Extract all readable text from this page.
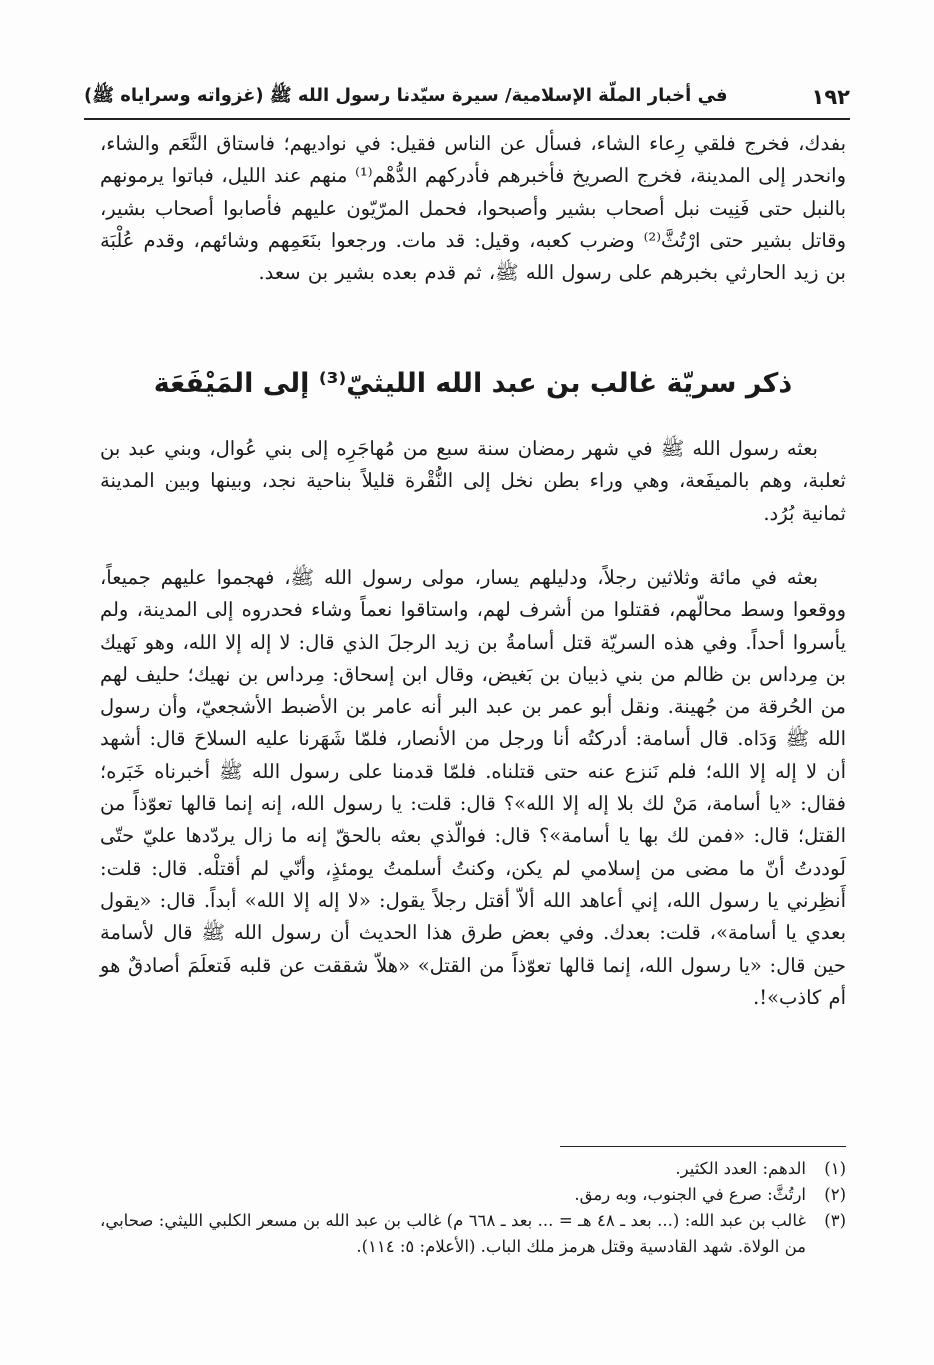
١٩٢
في أخبار الملّة الإسلامية/ سيرة سيّدنا رسول الله ﷺ (غزواته وسراياه ﷺ)

بفدك، فخرج فلقي رِعاء الشاء، فسأل عن الناس فقيل: في نواديهم؛ فاستاق النَّعَم والشاء، وانحدر إلى المدينة، فخرج الصريخ فأخبرهم فأدركهم الدُّهْم⁽¹⁾ منهم عند الليل، فباتوا يرمونهم بالنبل حتى فَنِيت نبل أصحاب بشير وأصبحوا، فحمل المرّيّون عليهم فأصابوا أصحاب بشير، وقاتل بشير حتى ارْتُثَّ⁽²⁾ وضرب كعبه، وقيل: قد مات. ورجعوا بنَعَمِهم وشائهم، وقدم عُلْبَة بن زيد الحارثي بخبرهم على رسول الله ﷺ، ثم قدم بعده بشير بن سعد.

ذكر سريّة غالب بن عبد الله الليثيّ⁽³⁾ إلى المَيْفَعَة

بعثه رسول الله ﷺ في شهر رمضان سنة سبع من مُهاجَرِه إلى بني عُوال، وبني عبد بن ثعلبة، وهم بالميفَعة، وهي وراء بطن نخل إلى النُّقْرة قليلاً بناحية نجد، وبينها وبين المدينة ثمانية بُرُد.

بعثه في مائة وثلاثين رجلاً، ودليلهم يسار، مولى رسول الله ﷺ، فهجموا عليهم جميعاً، ووقعوا وسط محالّهم، فقتلوا من أشرف لهم، واستاقوا نعماً وشاء فحدروه إلى المدينة، ولم يأسروا أحداً. وفي هذه السريّة قتل أسامةُ بن زيد الرجلَ الذي قال: لا إله إلا الله، وهو نَهيك بن مِرداس بن ظالم من بني ذبيان بن بَغيض، وقال ابن إسحاق: مِرداس بن نهيك؛ حليف لهم من الحُرقة من جُهينة. ونقل أبو عمر بن عبد البر أنه عامر بن الأضبط الأشجعيّ، وأن رسول الله ﷺ وَدَاه. قال أسامة: أدركتُه أنا ورجل من الأنصار، فلمّا شَهَرنا عليه السلاحَ قال: أشهد أن لا إله إلا الله؛ فلم نَنزع عنه حتى قتلناه. فلمّا قدمنا على رسول الله ﷺ أخبرناه خَبَره؛ فقال: «يا أسامة، مَنْ لك بلا إله إلا الله»؟ قال: قلت: يا رسول الله، إنه إنما قالها تعوّذاً من القتل؛ قال: «فمن لك بها يا أسامة»؟ قال: فوالّذي بعثه بالحقّ إنه ما زال يردّدها عليّ حتّى لَوددتُ أنّ ما مضى من إسلامي لم يكن، وكنتُ أسلمتُ يومئذٍ، وأنّي لم أقتلْه. قال: قلت: أَنظِرني يا رسول الله، إني أعاهد الله ألاّ أقتل رجلاً يقول: «لا إله إلا الله» أبداً. قال: «يقول بعدي يا أسامة»، قلت: بعدك. وفي بعض طرق هذا الحديث أن رسول الله ﷺ قال لأسامة حين قال: «يا رسول الله، إنما قالها تعوّذاً من القتل» «هلاّ شققت عن قلبه فَتعلَمَ أصادقٌ هو أم كاذب»!.

(١)
الدهم: العدد الكثير.
(٢)
ارتُثَّ: صرع في الجنوب، وبه رمق.
(٣)
غالب بن عبد الله: (... بعد ـ ٤٨ هـ = ... بعد ـ ٦٦٨ م) غالب بن عبد الله بن مسعر الكلبي الليثي: صحابي، من الولاة. شهد القادسية وقتل هرمز ملك الباب. (الأعلام: ٥: ١١٤).
